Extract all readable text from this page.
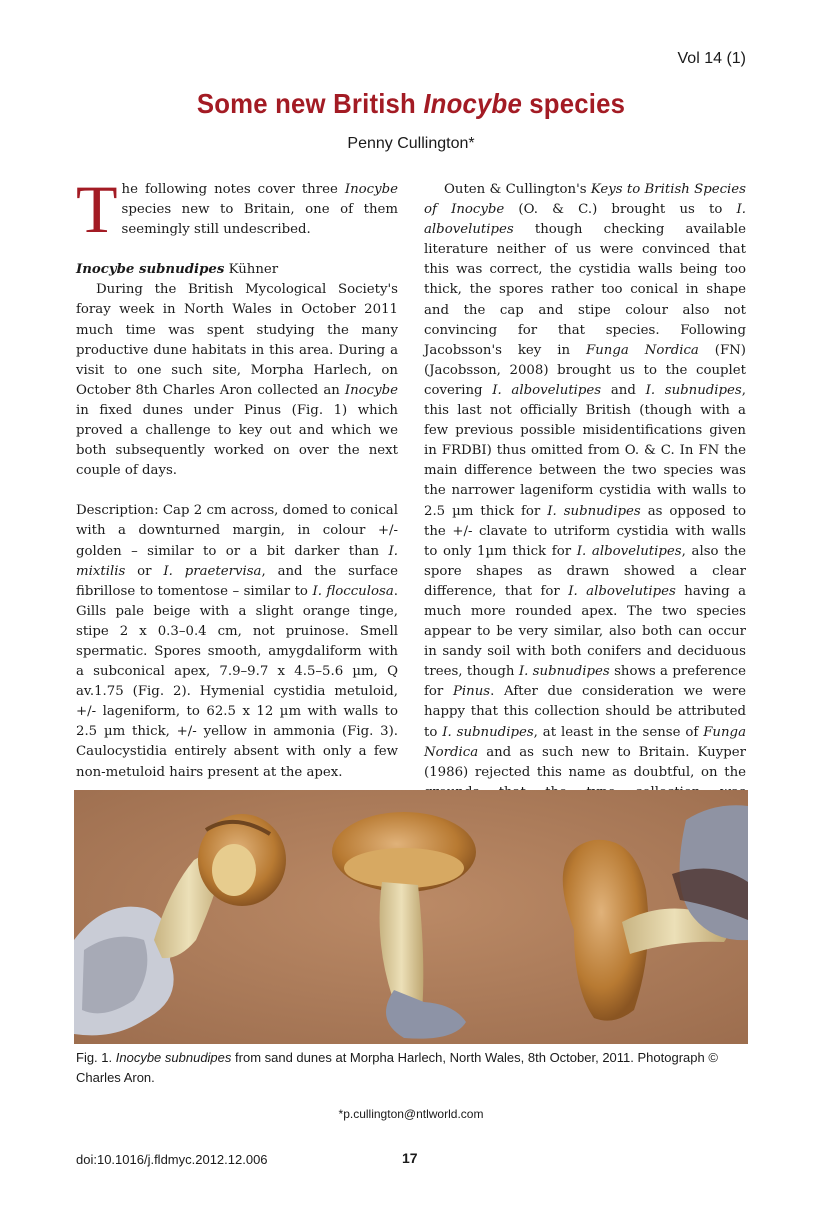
Vol 14 (1)
Some new British Inocybe species
Penny Cullington*
T he following notes cover three Inocybe species new to Britain, one of them seemingly still undescribed.

Inocybe subnudipes Kühner

During the British Mycological Society's foray week in North Wales in October 2011 much time was spent studying the many productive dune habitats in this area. During a visit to one such site, Morpha Harlech, on October 8th Charles Aron collected an Inocybe in fixed dunes under Pinus (Fig. 1) which proved a challenge to key out and which we both subsequently worked on over the next couple of days.

Description: Cap 2 cm across, domed to conical with a downturned margin, in colour +/- golden – similar to or a bit darker than I. mixtilis or I. praetervisa, and the surface fibrillose to tomentose – similar to I. flocculosa. Gills pale beige with a slight orange tinge, stipe 2 x 0.3–0.4 cm, not pruinose. Smell spermatic. Spores smooth, amygdaliform with a subconical apex, 7.9–9.7 x 4.5–5.6 µm, Q av.1.75 (Fig. 2). Hymenial cystidia metuloid, +/- lageniform, to 62.5 x 12 µm with walls to 2.5 µm thick, +/- yellow in ammonia (Fig. 3). Caulocystidia entirely absent with only a few non-metuloid hairs present at the apex.

Outen & Cullington's Keys to British Species of Inocybe (O. & C.) brought us to I. albovelutipes though checking available literature neither of us were convinced that this was correct, the cystidia walls being too thick, the spores rather too conical in shape and the cap and stipe colour also not convincing for that species. Following Jacobsson's key in Funga Nordica (FN) (Jacobsson, 2008) brought us to the couplet covering I. albovelutipes and I. subnudipes, this last not officially British (though with a few previous possible misidentifications given in FRDBI) thus omitted from O. & C. In FN the main difference between the two species was the narrower lageniform cystidia with walls to 2.5 µm thick for I. subnudipes as opposed to the +/- clavate to utriform cystidia with walls to only 1µm thick for I. albovelutipes, also the spore shapes as drawn showed a clear difference, that for I. albovelutipes having a much more rounded apex. The two species appear to be very similar, also both can occur in sandy soil with both conifers and deciduous trees, though I. subnudipes shows a preference for Pinus. After due consideration we were happy that this collection should be attributed to I. subnudipes, at least in the sense of Funga Nordica and as such new to Britain. Kuyper (1986) rejected this name as doubtful, on the

Fig. 1. Inocybe subnudipes from sand dunes at Morpha Harlech, North Wales, 8th October, 2011. Photograph © Charles Aron.
*p.cullington@ntlworld.com
doi:10.1016/j.fldmyc.2012.12.006	17
